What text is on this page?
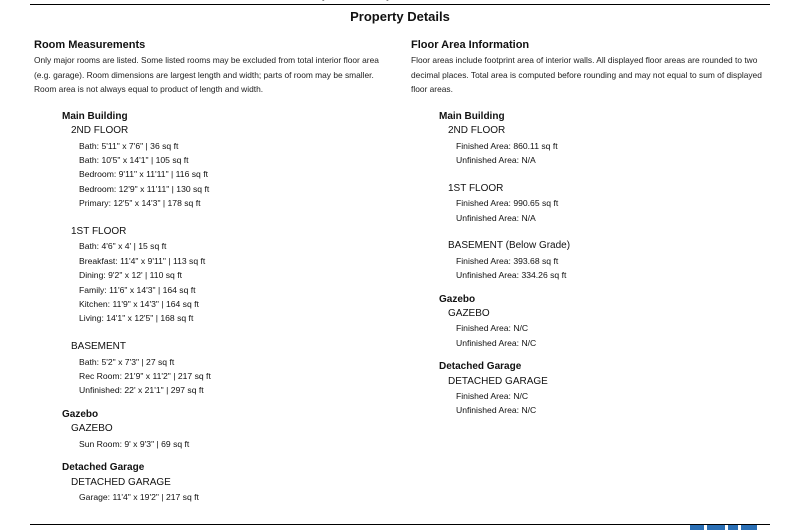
Property Details

Room Measurements

Only major rooms are listed. Some listed rooms may be excluded from total interior floor area (e.g. garage). Room dimensions are largest length and width; parts of room may be smaller. Room area is not always equal to product of length and width.

Main Building
2ND FLOOR
Bath: 5'11" x 7'6" | 36 sq ft
Bath: 10'5" x 14'1" | 105 sq ft
Bedroom: 9'11" x 11'11" | 116 sq ft
Bedroom: 12'9" x 11'11" | 130 sq ft
Primary: 12'5" x 14'3" | 178 sq ft
1ST FLOOR
Bath: 4'6" x 4' | 15 sq ft
Breakfast: 11'4" x 9'11" | 113 sq ft
Dining: 9'2" x 12' | 110 sq ft
Family: 11'6" x 14'3" | 164 sq ft
Kitchen: 11'9" x 14'3" | 164 sq ft
Living: 14'1" x 12'5" | 168 sq ft
BASEMENT
Bath: 5'2" x 7'3" | 27 sq ft
Rec Room: 21'9" x 11'2" | 217 sq ft
Unfinished: 22' x 21'1" | 297 sq ft
Gazebo
GAZEBO
Sun Room: 9' x 9'3" | 69 sq ft
Detached Garage
DETACHED GARAGE
Garage: 11'4" x 19'2" | 217 sq ft

Floor Area Information

Floor areas include footprint area of interior walls. All displayed floor areas are rounded to two decimal places. Total area is computed before rounding and may not equal to sum of displayed floor areas.

Main Building
2ND FLOOR
Finished Area: 860.11 sq ft
Unfinished Area: N/A
1ST FLOOR
Finished Area: 990.65 sq ft
Unfinished Area: N/A
BASEMENT (Below Grade)
Finished Area: 393.68 sq ft
Unfinished Area: 334.26 sq ft
Gazebo
GAZEBO
Finished Area: N/C
Unfinished Area: N/C
Detached Garage
DETACHED GARAGE
Finished Area: N/C
Unfinished Area: N/C
